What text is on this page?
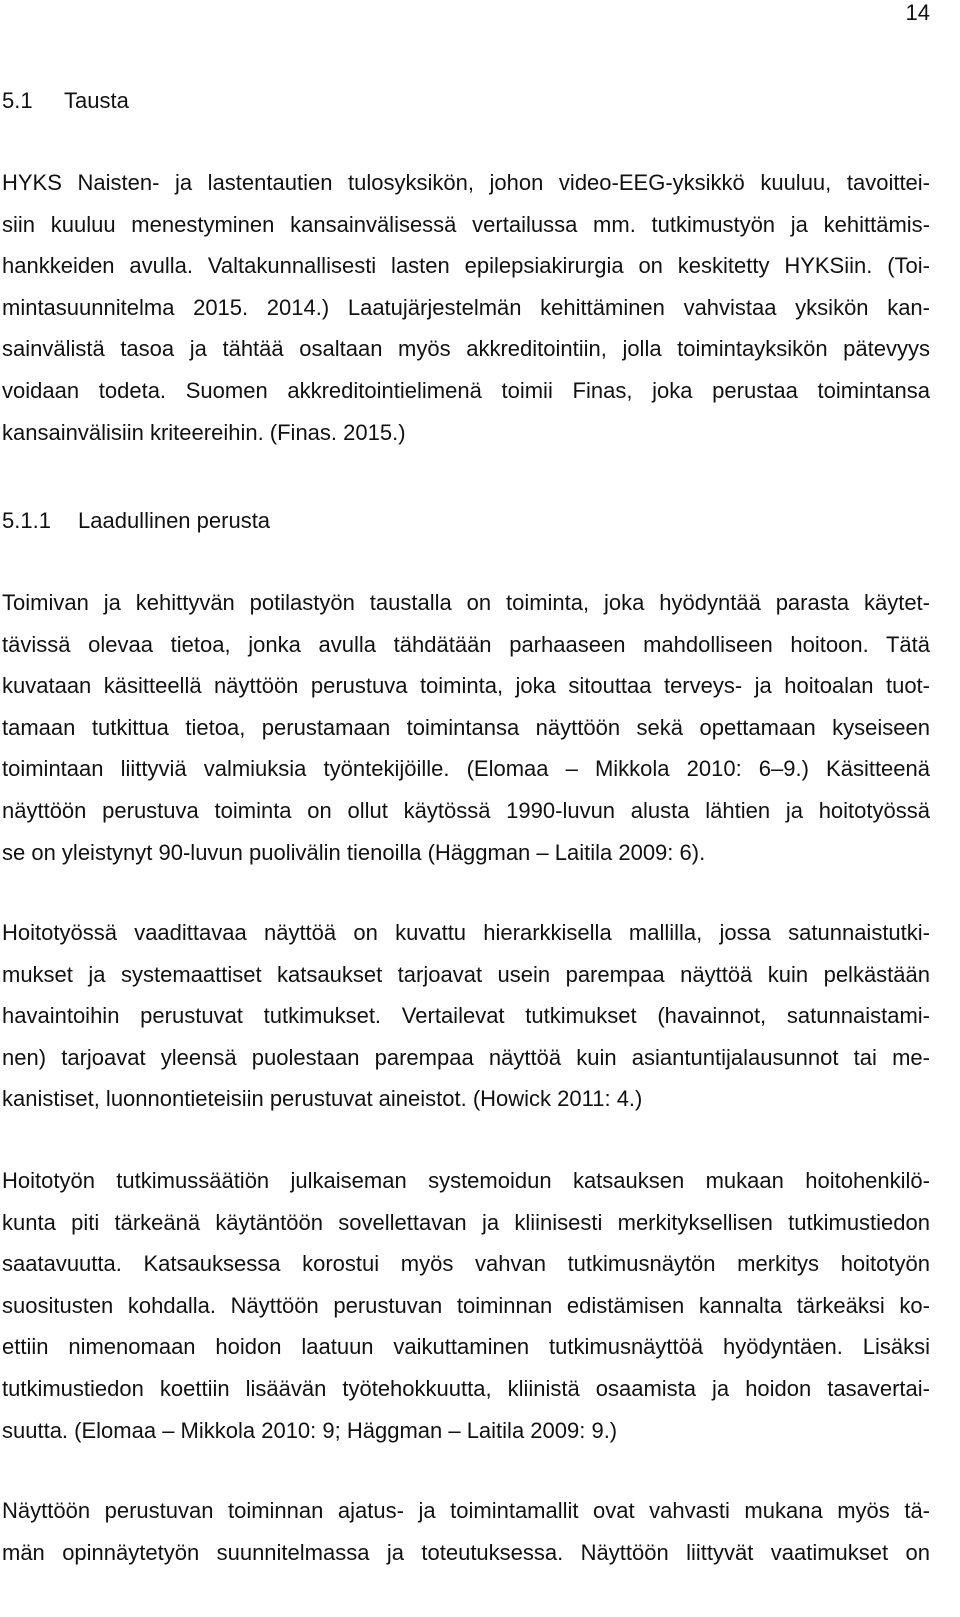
14
5.1 Tausta
HYKS Naisten- ja lastentautien tulosyksikön, johon video-EEG-yksikkö kuuluu, tavoittei-
siin kuuluu menestyminen kansainvälisessä vertailussa mm. tutkimustyön ja kehittämis-
hankkeiden avulla. Valtakunnallisesti lasten epilepsiakirurgia on keskitetty HYKSiin. (Toi-
mintasuunnitelma 2015. 2014.) Laatujärjestelmän kehittäminen vahvistaa yksikön kan-
sainvälistä tasoa ja tähtää osaltaan myös akkreditointiin, jolla toimintayksikön pätevyys
voidaan todeta. Suomen akkreditointielimenä toimii Finas, joka perustaa toimintansa
kansainvälisiin kriteereihin. (Finas. 2015.)
5.1.1 Laadullinen perusta
Toimivan ja kehittyvän potilastyön taustalla on toiminta, joka hyödyntää parasta käytet-
tävissä olevaa tietoa, jonka avulla tähdätään parhaaseen mahdolliseen hoitoon. Tätä
kuvataan käsitteellä näyttöön perustuva toiminta, joka sitouttaa terveys- ja hoitoalan tuot-
tamaan tutkittua tietoa, perustamaan toimintansa näyttöön sekä opettamaan kyseiseen
toimintaan liittyviä valmiuksia työntekijöille. (Elomaa – Mikkola 2010: 6–9.) Käsitteenä
näyttöön perustuva toiminta on ollut käytössä 1990-luvun alusta lähtien ja hoitotyössä
se on yleistynyt 90-luvun puolivälin tienoilla (Häggman – Laitila 2009: 6).
Hoitotyössä vaadittavaa näyttöä on kuvattu hierarkkisella mallilla, jossa satunnaistutki-
mukset ja systemaattiset katsaukset tarjoavat usein parempaa näyttöä kuin pelkästään
havaintoihin perustuvat tutkimukset. Vertailevat tutkimukset (havainnot, satunnaistami-
nen) tarjoavat yleensä puolestaan parempaa näyttöä kuin asiantuntijalausunnot tai me-
kanistiset, luonnontieteisiin perustuvat aineistot. (Howick 2011: 4.)
Hoitotyön tutkimussäätiön julkaiseman systemoidun katsauksen mukaan hoitohenkilö-
kunta piti tärkeänä käytäntöön sovellettavan ja kliinisesti merkityksellisen tutkimustiedon
saatavuutta. Katsauksessa korostui myös vahvan tutkimusnäytön merkitys hoitotyön
suositusten kohdalla. Näyttöön perustuvan toiminnan edistämisen kannalta tärkeäksi ko-
ettiin nimenomaan hoidon laatuun vaikuttaminen tutkimusnäyttöä hyödyntäen. Lisäksi
tutkimustiedon koettiin lisäävän työtehokkuutta, kliinistä osaamista ja hoidon tasavertai-
suutta. (Elomaa – Mikkola 2010: 9; Häggman – Laitila 2009: 9.)
Näyttöön perustuvan toiminnan ajatus- ja toimintamallit ovat vahvasti mukana myös tä-
män opinnäytetyön suunnitelmassa ja toteutuksessa. Näyttöön liittyvät vaatimukset on
